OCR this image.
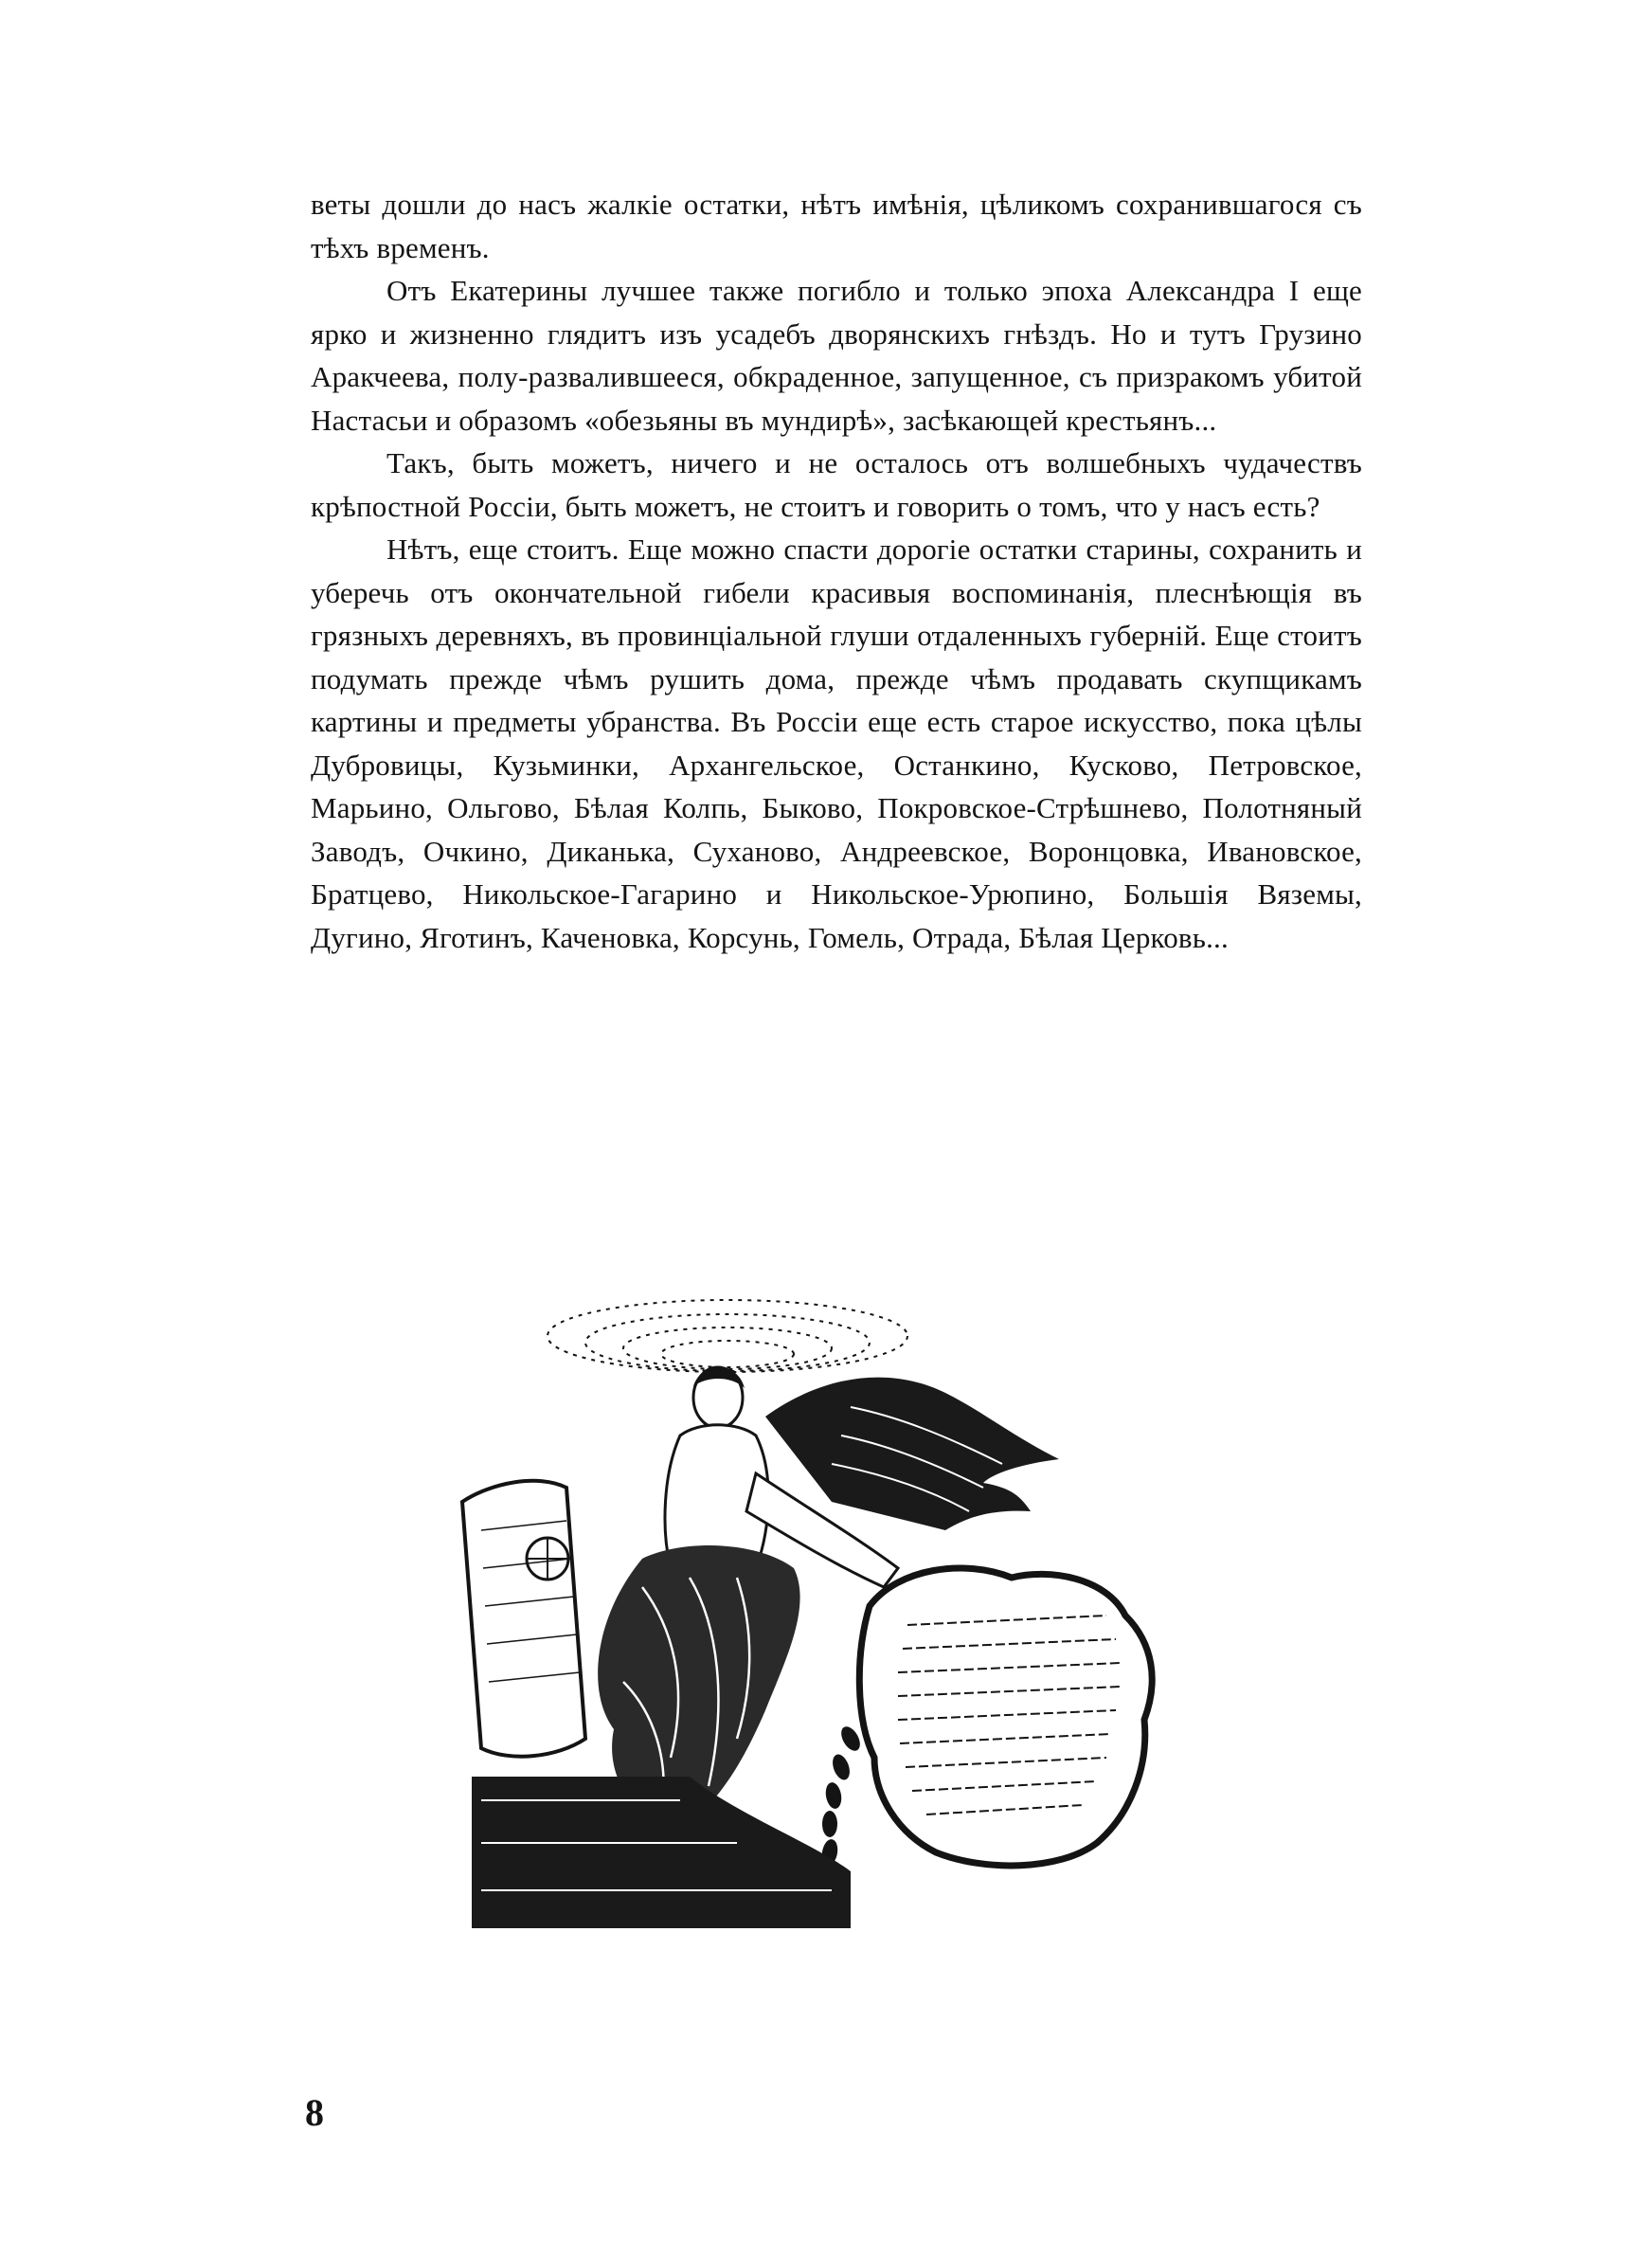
веты дошли до насъ жалкіе остатки, нѣтъ имѣнія, цѣликомъ сохранившагося съ тѣхъ временъ.

Отъ Екатерины лучшее также погибло и только эпоха Александра I еще ярко и жизненно глядитъ изъ усадебъ дворянскихъ гнѣздъ. Но и тутъ Грузино Аракчеева, полу-развалившееся, обкраденное, запущенное, съ призракомъ убитой Настасьи и образомъ «обезьяны въ мундирѣ», засѣкающей крестьянъ...

Такъ, быть можетъ, ничего и не осталось отъ волшебныхъ чудачествъ крѣпостной Россіи, быть можетъ, не стоитъ и говорить о томъ, что у насъ есть?

Нѣтъ, еще стоитъ. Еще можно спасти дорогіе остатки старины, сохранить и уберечь отъ окончательной гибели красивыя воспоминанія, плеснѣющія въ грязныхъ деревняхъ, въ провинціальной глуши отдаленныхъ губерній. Еще стоитъ подумать прежде чѣмъ рушить дома, прежде чѣмъ продавать скупщикамъ картины и предметы убранства. Въ Россіи еще есть старое искусство, пока цѣлы Дубровицы, Кузьминки, Архангельское, Останкино, Кусково, Петровское, Марьино, Ольгово, Бѣлая Колпь, Быково, Покровское-Стрѣшнево, Полотняный Заводъ, Очкино, Диканька, Суханово, Андреевское, Воронцовка, Ивановское, Братцево, Никольское-Гагарино и Никольское-Урюпино, Большія Вяземы, Дугино, Яготинъ, Каченовка, Корсунь, Гомель, Отрада, Бѣлая Церковь...

8
